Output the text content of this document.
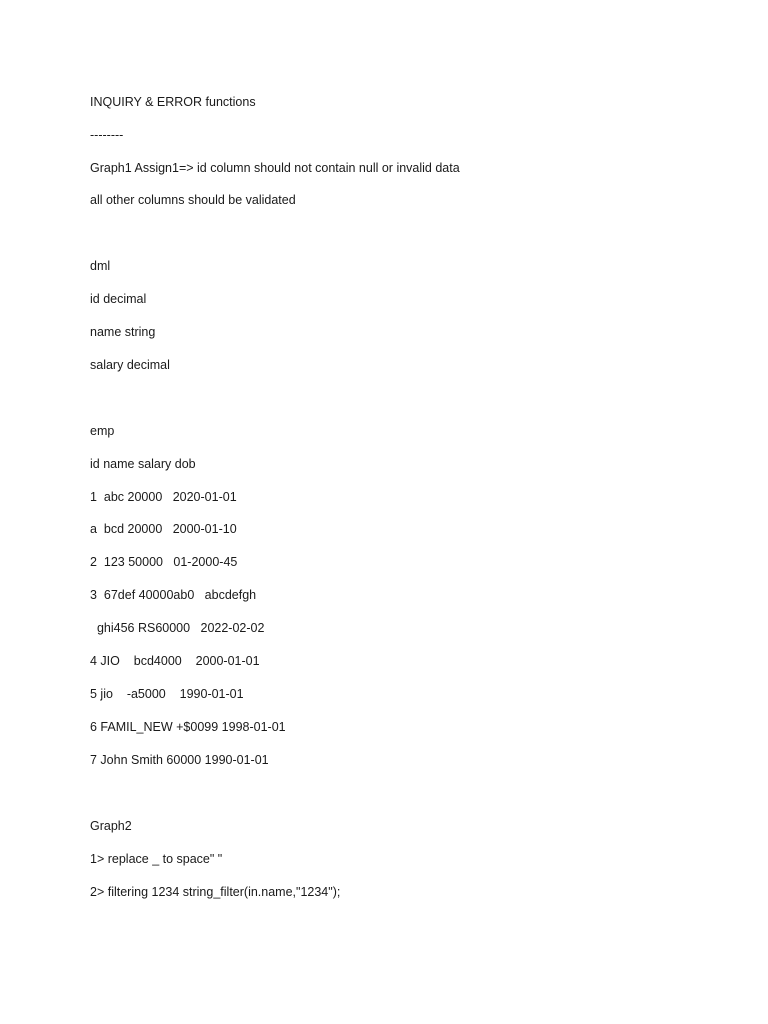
INQUIRY & ERROR functions
--------
Graph1 Assign1=> id column should not contain null or invalid data
all other columns should be validated
dml
id decimal
name string
salary decimal
emp
id name salary dob
1  abc 20000   2020-01-01
a  bcd 20000   2000-01-10
2  123 50000   01-2000-45
3  67def 40000ab0   abcdefgh
ghi456 RS60000   2022-02-02
4 JIO    bcd4000    2000-01-01
5 jio    -a5000    1990-01-01
6 FAMIL_NEW +$0099 1998-01-01
7 John Smith 60000 1990-01-01
Graph2
1> replace _ to space" "
2> filtering 1234 string_filter(in.name,"1234");
